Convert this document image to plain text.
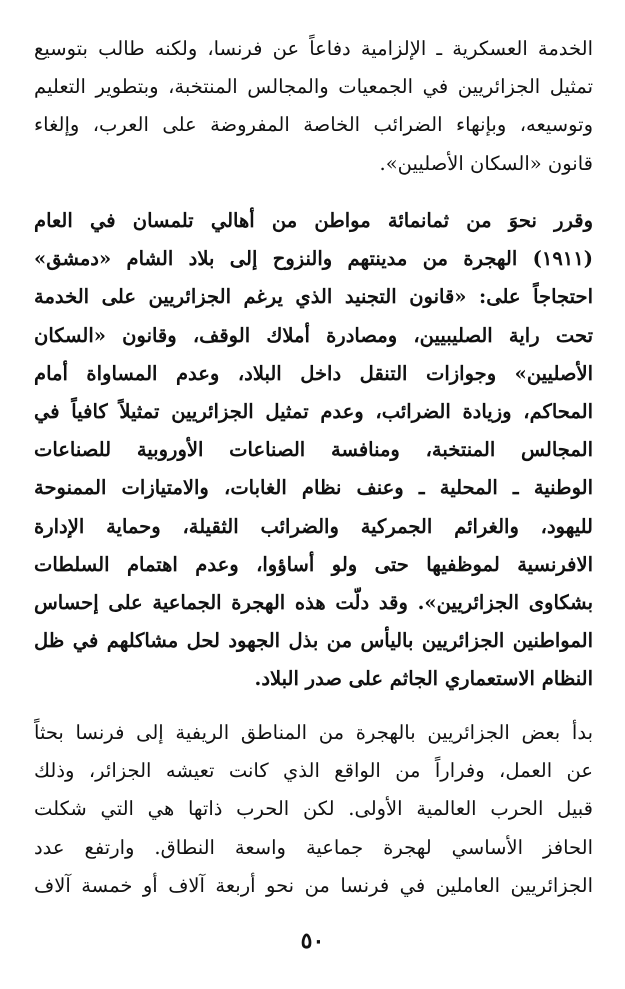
الخدمة العسكرية ـ الإلزامية دفاعاً عن فرنسا، ولكنه طالب بتوسيع
تمثيل الجزائريين في الجمعيات والمجالس المنتخبة، وبتطوير التعليم
وتوسيعه، وبإنهاء الضرائب الخاصة المفروضة على العرب، وإلغاء
قانون «السكان الأصليين».
وقرر نحوَ من ثمانمائة مواطن من أهالي تلمسان في العام
(١٩١١) الهجرة من مدينتهم والنزوح إلى بلاد الشام «دمشق»
احتجاجاً على: «قانون التجنيد الذي يرغم الجزائريين على الخدمة
تحت راية الصليبيين، ومصادرة أملاك الوقف، وقانون «السكان
الأصليين» وجوازات التنقل داخل البلاد، وعدم المساواة أمام
المحاكم، وزيادة الضرائب، وعدم تمثيل الجزائريين تمثيلاً كافياً في
المجالس المنتخبة، ومنافسة الصناعات الأوروبية للصناعات
الوطنية ـ المحلية ـ وعنف نظام الغابات، والامتيازات الممنوحة
لليهود، والغرائم الجمركية والضرائب الثقيلة، وحماية الإدارة
الافرنسية لموظفيها حتى ولو أساؤوا، وعدم اهتمام السلطات
بشكاوى الجزائريين». وقد دلّت هذه الهجرة الجماعية على إحساس
المواطنين الجزائريين باليأس من بذل الجهود لحل مشاكلهم في ظل
النظام الاستعماري الجاثم على صدر البلاد.
بدأ بعض الجزائريين بالهجرة من المناطق الريفية إلى فرنسا بحثاً
عن العمل، وفراراً من الواقع الذي كانت تعيشه الجزائر، وذلك
قبيل الحرب العالمية الأولى. لكن الحرب ذاتها هي التي شكلت
الحافز الأساسي لهجرة جماعية واسعة النطاق. وارتفع عدد
الجزائريين العاملين في فرنسا من نحو أربعة آلاف أو خمسة آلاف
٥٠
